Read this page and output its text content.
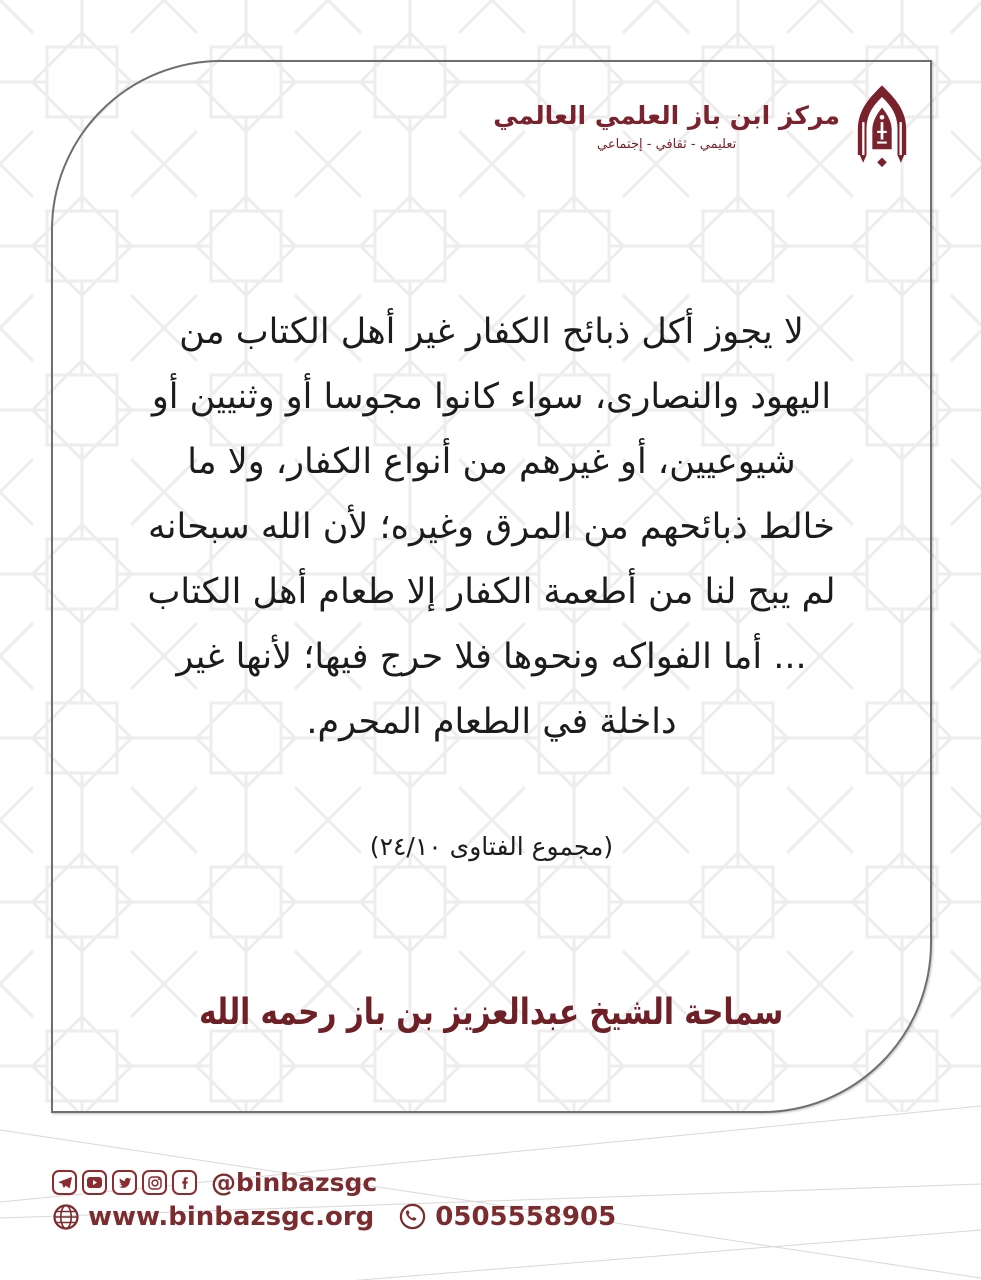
مركز ابن باز العلمي العالمي
تعليمي - ثقافي - إجتماعي
لا يجوز أكل ذبائح الكفار غير أهل الكتاب من
اليهود والنصارى، سواء كانوا مجوسا أو وثنيين أو
شيوعيين، أو غيرهم من أنواع الكفار، ولا ما
خالط ذبائحهم من المرق وغيره؛ لأن الله سبحانه
لم يبح لنا من أطعمة الكفار إلا طعام أهل الكتاب
... أما الفواكه ونحوها فلا حرج فيها؛ لأنها غير
داخلة في الطعام المحرم.
(مجموع الفتاوى ٢٤/١٠)
سماحة الشيخ عبدالعزيز بن باز رحمه الله
@binbazsgc
www.binbazsgc.org 0505558905
